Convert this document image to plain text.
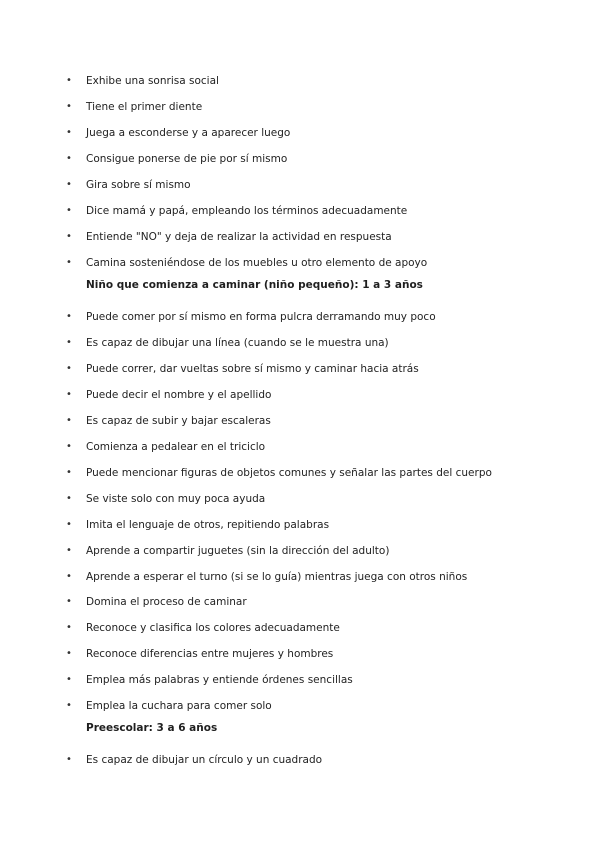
• Exhibe una sonrisa social
• Tiene el primer diente
• Juega a esconderse y a aparecer luego
• Consigue ponerse de pie por sí mismo
• Gira sobre sí mismo
• Dice mamá y papá, empleando los términos adecuadamente
• Entiende "NO" y deja de realizar la actividad en respuesta
• Camina sosteniéndose de los muebles u otro elemento de apoyo
Niño que comienza a caminar (niño pequeño): 1 a 3 años
• Puede comer por sí mismo en forma pulcra derramando muy poco
• Es capaz de dibujar una línea (cuando se le muestra una)
• Puede correr, dar vueltas sobre sí mismo y caminar hacia atrás
• Puede decir el nombre y el apellido
• Es capaz de subir y bajar escaleras
• Comienza a pedalear en el triciclo
• Puede mencionar figuras de objetos comunes y señalar las partes del cuerpo
• Se viste solo con muy poca ayuda
• Imita el lenguaje de otros, repitiendo palabras
• Aprende a compartir juguetes (sin la dirección del adulto)
• Aprende a esperar el turno (si se lo guía) mientras juega con otros niños
• Domina el proceso de caminar
• Reconoce y clasifica los colores adecuadamente
• Reconoce diferencias entre mujeres y hombres
• Emplea más palabras y entiende órdenes sencillas
• Emplea la cuchara para comer solo
Preescolar: 3 a 6 años
• Es capaz de dibujar un círculo y un cuadrado
